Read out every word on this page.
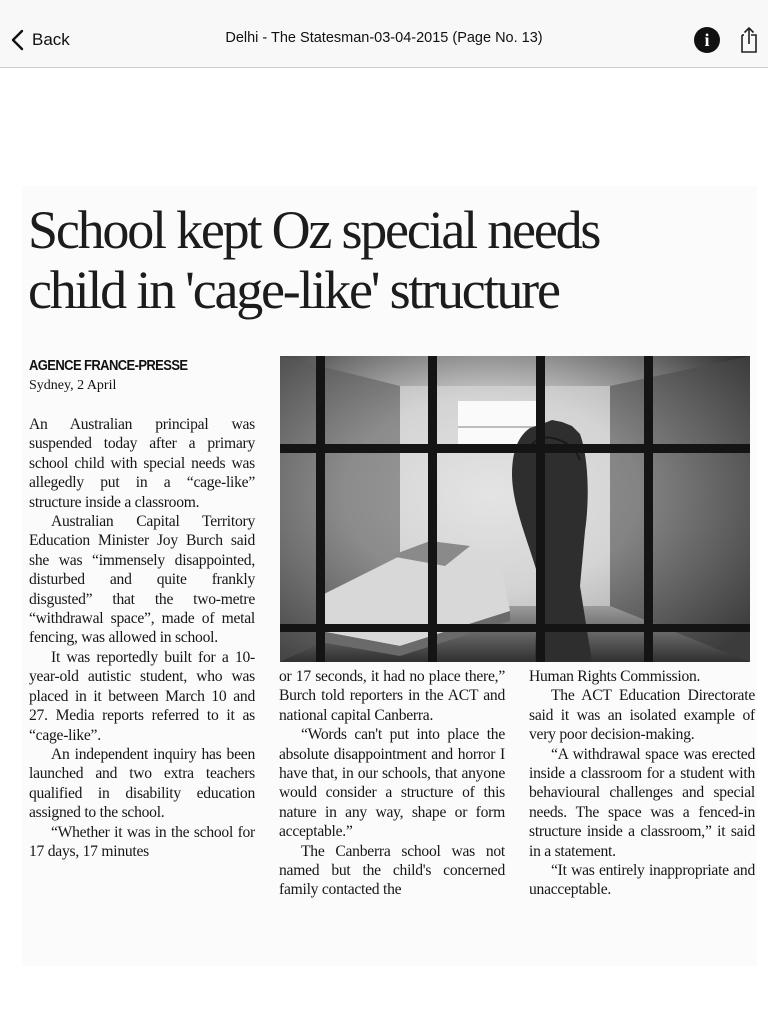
Back	Delhi - The Statesman-03-04-2015 (Page No. 13)	i
School kept Oz special needs
child in 'cage-like' structure
AGENCE FRANCE-PRESSE
Sydney, 2 April

An Australian principal was suspended today after a primary school child with special needs was allegedly put in a “cage-like” structure inside a classroom.

Australian Capital Territory Education Minister Joy Burch said she was “immensely disappointed, disturbed and quite frankly disgusted” that the two-metre “withdrawal space”, made of metal fencing, was allowed in school.

It was reportedly built for a 10-year-old autistic student, who was placed in it between March 10 and 27. Media reports referred to it as “cage-like”.

An independent inquiry has been launched and two extra teachers qualified in disability education assigned to the school.

“Whether it was in the school for 17 days, 17 minutes

or 17 seconds, it had no place there,” Burch told reporters in the ACT and national capital Canberra.

“Words can't put into place the absolute disappointment and horror I have that, in our schools, that anyone would consider a structure of this nature in any way, shape or form acceptable.”

The Canberra school was not named but the child's concerned family contacted the

Human Rights Commission.

The ACT Education Directorate said it was an isolated example of very poor decision-making.

“A withdrawal space was erected inside a classroom for a student with behavioural challenges and special needs. The space was a fenced-in structure inside a classroom,” it said in a statement.

“It was entirely inappropriate and unacceptable.
